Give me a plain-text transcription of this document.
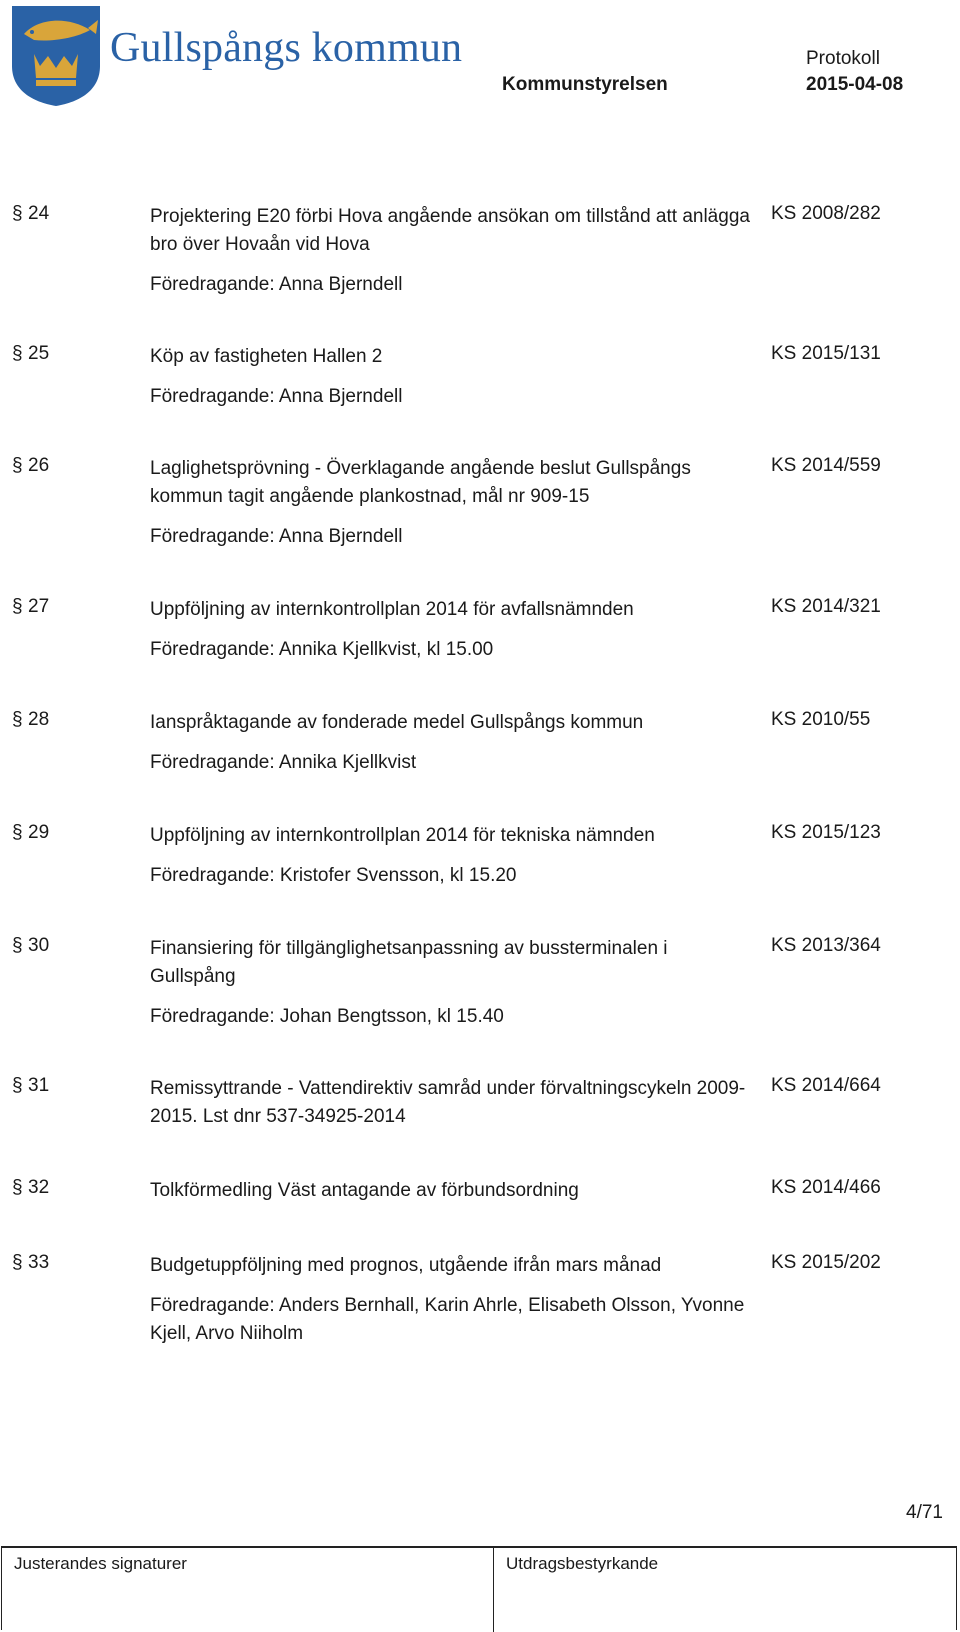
Gullspångs kommun
Kommunstyrelsen
Protokoll
2015-04-08
§ 24	Projektering E20 förbi Hova angående ansökan om tillstånd att anlägga bro över Hovaån vid Hova
Föredragande: Anna Bjerndell
KS 2008/282
§ 25	Köp av fastigheten Hallen 2
Föredragande: Anna Bjerndell
KS 2015/131
§ 26	Laglighetsprövning - Överklagande angående beslut Gullspångs kommun tagit angående plankostnad, mål nr 909-15
Föredragande: Anna Bjerndell
KS 2014/559
§ 27	Uppföljning av internkontrollplan 2014 för avfallsnämnden
Föredragande: Annika Kjellkvist, kl 15.00
KS 2014/321
§ 28	Ianspråktagande av fonderade medel Gullspångs kommun
Föredragande: Annika Kjellkvist
KS 2010/55
§ 29	Uppföljning av internkontrollplan 2014 för tekniska nämnden
Föredragande: Kristofer Svensson, kl 15.20
KS 2015/123
§ 30	Finansiering för tillgänglighetsanpassning av bussterminalen i Gullspång
Föredragande: Johan Bengtsson, kl 15.40
KS 2013/364
§ 31	Remissyttrande - Vattendirektiv samråd under förvaltningscykeln 2009-2015. Lst dnr 537-34925-2014
KS 2014/664
§ 32	Tolkförmedling Väst antagande av förbundsordning	KS 2014/466
§ 33	Budgetuppföljning med prognos, utgående ifrån mars månad
Föredragande: Anders Bernhall, Karin Ahrle, Elisabeth Olsson, Yvonne Kjell, Arvo Niiholm
KS 2015/202
4/71
Justerandes signaturer	Utdragsbestyrkande
